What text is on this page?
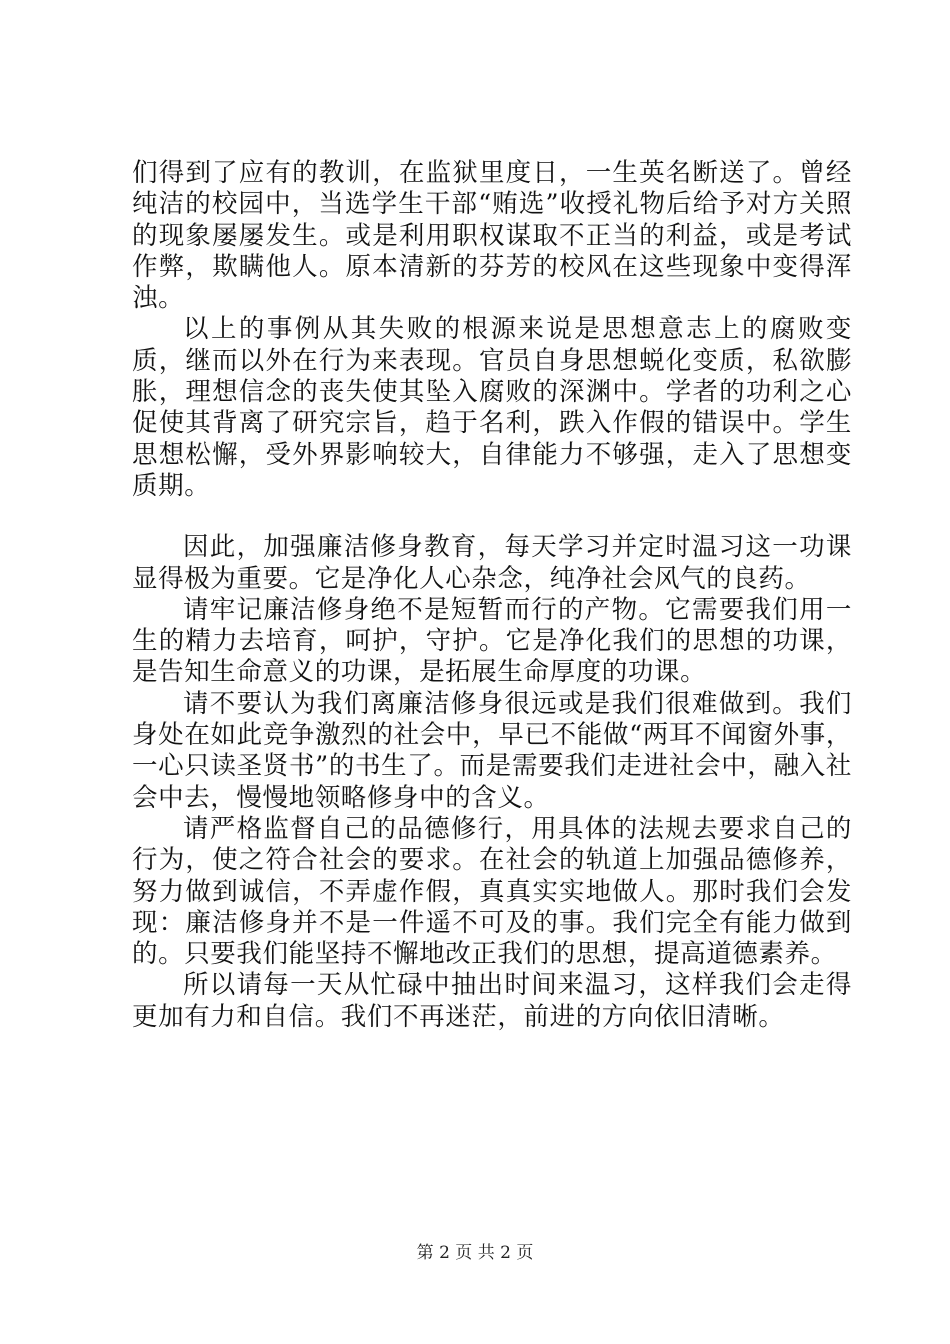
们得到了应有的教训，在监狱里度日，一生英名断送了。曾经纯洁的校园中，当选学生干部“贿选”收授礼物后给予对方关照的现象屡屡发生。或是利用职权谋取不正当的利益，或是考试作弊，欺瞒他人。原本清新的芬芳的校风在这些现象中变得浑浊。

以上的事例从其失败的根源来说是思想意志上的腐败变质，继而以外在行为来表现。官员自身思想蜕化变质，私欲膨胀，理想信念的丧失使其坠入腐败的深渊中。学者的功利之心促使其背离了研究宗旨，趋于名利，跌入作假的错误中。学生思想松懈，受外界影响较大，自律能力不够强，走入了思想变质期。

因此，加强廉洁修身教育，每天学习并定时温习这一功课显得极为重要。它是净化人心杂念，纯净社会风气的良药。

请牢记廉洁修身绝不是短暂而行的产物。它需要我们用一生的精力去培育，呵护，守护。它是净化我们的思想的功课，是告知生命意义的功课，是拓展生命厚度的功课。

请不要认为我们离廉洁修身很远或是我们很难做到。我们身处在如此竞争激烈的社会中，早已不能做“两耳不闻窗外事，一心只读圣贤书”的书生了。而是需要我们走进社会中，融入社会中去，慢慢地领略修身中的含义。

请严格监督自己的品德修行，用具体的法规去要求自己的行为，使之符合社会的要求。在社会的轨道上加强品德修养，努力做到诚信，不弄虚作假，真真实实地做人。那时我们会发现：廉洁修身并不是一件遥不可及的事。我们完全有能力做到的。只要我们能坚持不懈地改正我们的思想，提高道德素养。

所以请每一天从忙碌中抽出时间来温习，这样我们会走得更加有力和自信。我们不再迷茫，前进的方向依旧清晰。

第 2 页 共 2 页
